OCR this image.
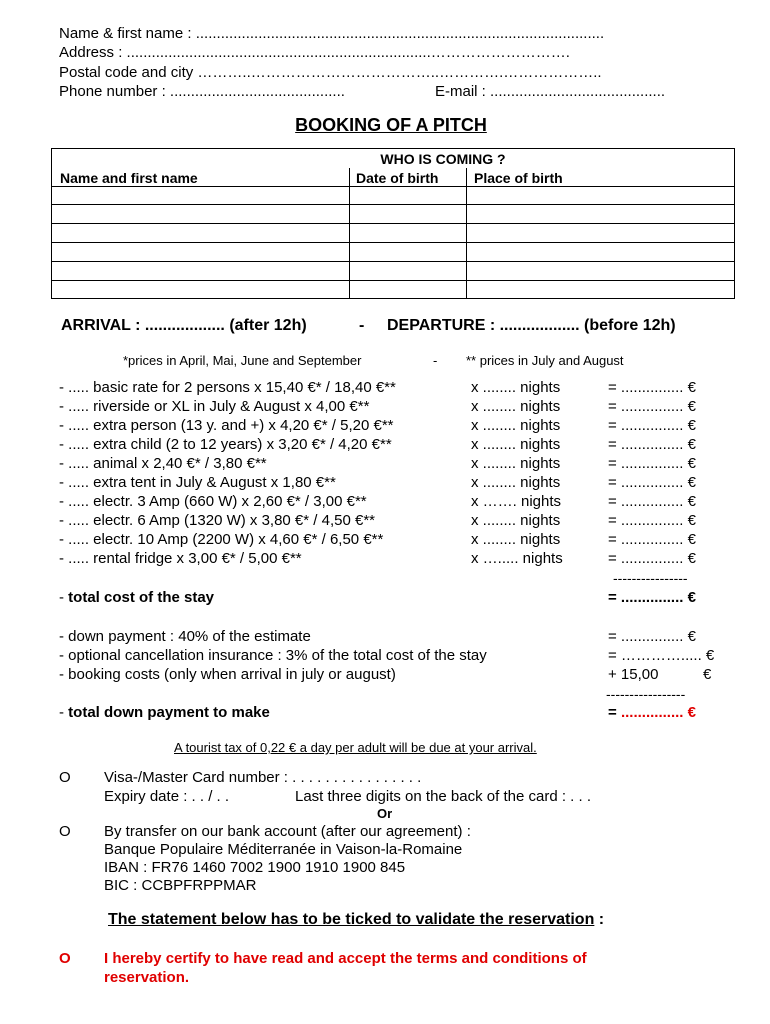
Name & first name : ..................................................................................................
Address : .........................................................................……………………….
Postal code and city ………..………………………………..………….………………..
Phone number : ..........................................	E-mail : ..........................................
BOOKING OF A PITCH
WHO IS COMING ?
Name and first name	Date of birth	Place of birth
ARRIVAL : .................. (after 12h)	- DEPARTURE : .................. (before 12h)
*prices in April, Mai, June and September	- ** prices in July and August
- ..... basic rate for 2 persons x 15,40 €* / 18,40 €**	x ........ nights	= ............... €
- ..... riverside or XL in July & August x 4,00 €**	x ........ nights	= ............... €
- ..... extra person (13 y. and +) x 4,20 €* / 5,20 €**	x ........ nights	= ............... €
- ..... extra child (2 to 12 years) x 3,20 €* / 4,20 €**	x ........ nights	= ............... €
- ..... animal x 2,40 €* / 3,80 €**	x ........ nights	= ............... €
- ..... extra tent in July & August x 1,80 €**	x ........ nights	= ............... €
- ..... electr. 3 Amp (660 W) x 2,60 €* / 3,00 €**	x ……. nights	= ............... €
- ..... electr. 6 Amp (1320 W) x 3,80 €* / 4,50 €**	x ........ nights	= ............... €
- ..... electr. 10 Amp (2200 W) x 4,60 €* / 6,50 €**	x ........ nights	= ............... €
- ..... rental fridge x 3,00 €* / 5,00 €**	x …..... nights	= ............... €
----------------
- total cost of the stay	= ............... €
- down payment : 40% of the estimate	= ............... €
- optional cancellation insurance : 3% of the total cost of the stay	= …………..... €
- booking costs (only when arrival in july or august)	+ 15,00	€
-----------------
- total down payment to make	= ............... €
A tourist tax of 0,22 € a day per adult will be due at your arrival.
O Visa-/Master Card number : . . . . . . . . . . . . . . . .
Expiry date : . . / . .	Last three digits on the back of the card : . . .
Or
O By transfer on our bank account (after our agreement) :
Banque Populaire Méditerranée in Vaison-la-Romaine
IBAN : FR76 1460 7002 1900 1910 1900 845
BIC : CCBPFRPPMAR
The statement below has to be ticked to validate the reservation :
O I hereby certify to have read and accept the terms and conditions of
reservation.
